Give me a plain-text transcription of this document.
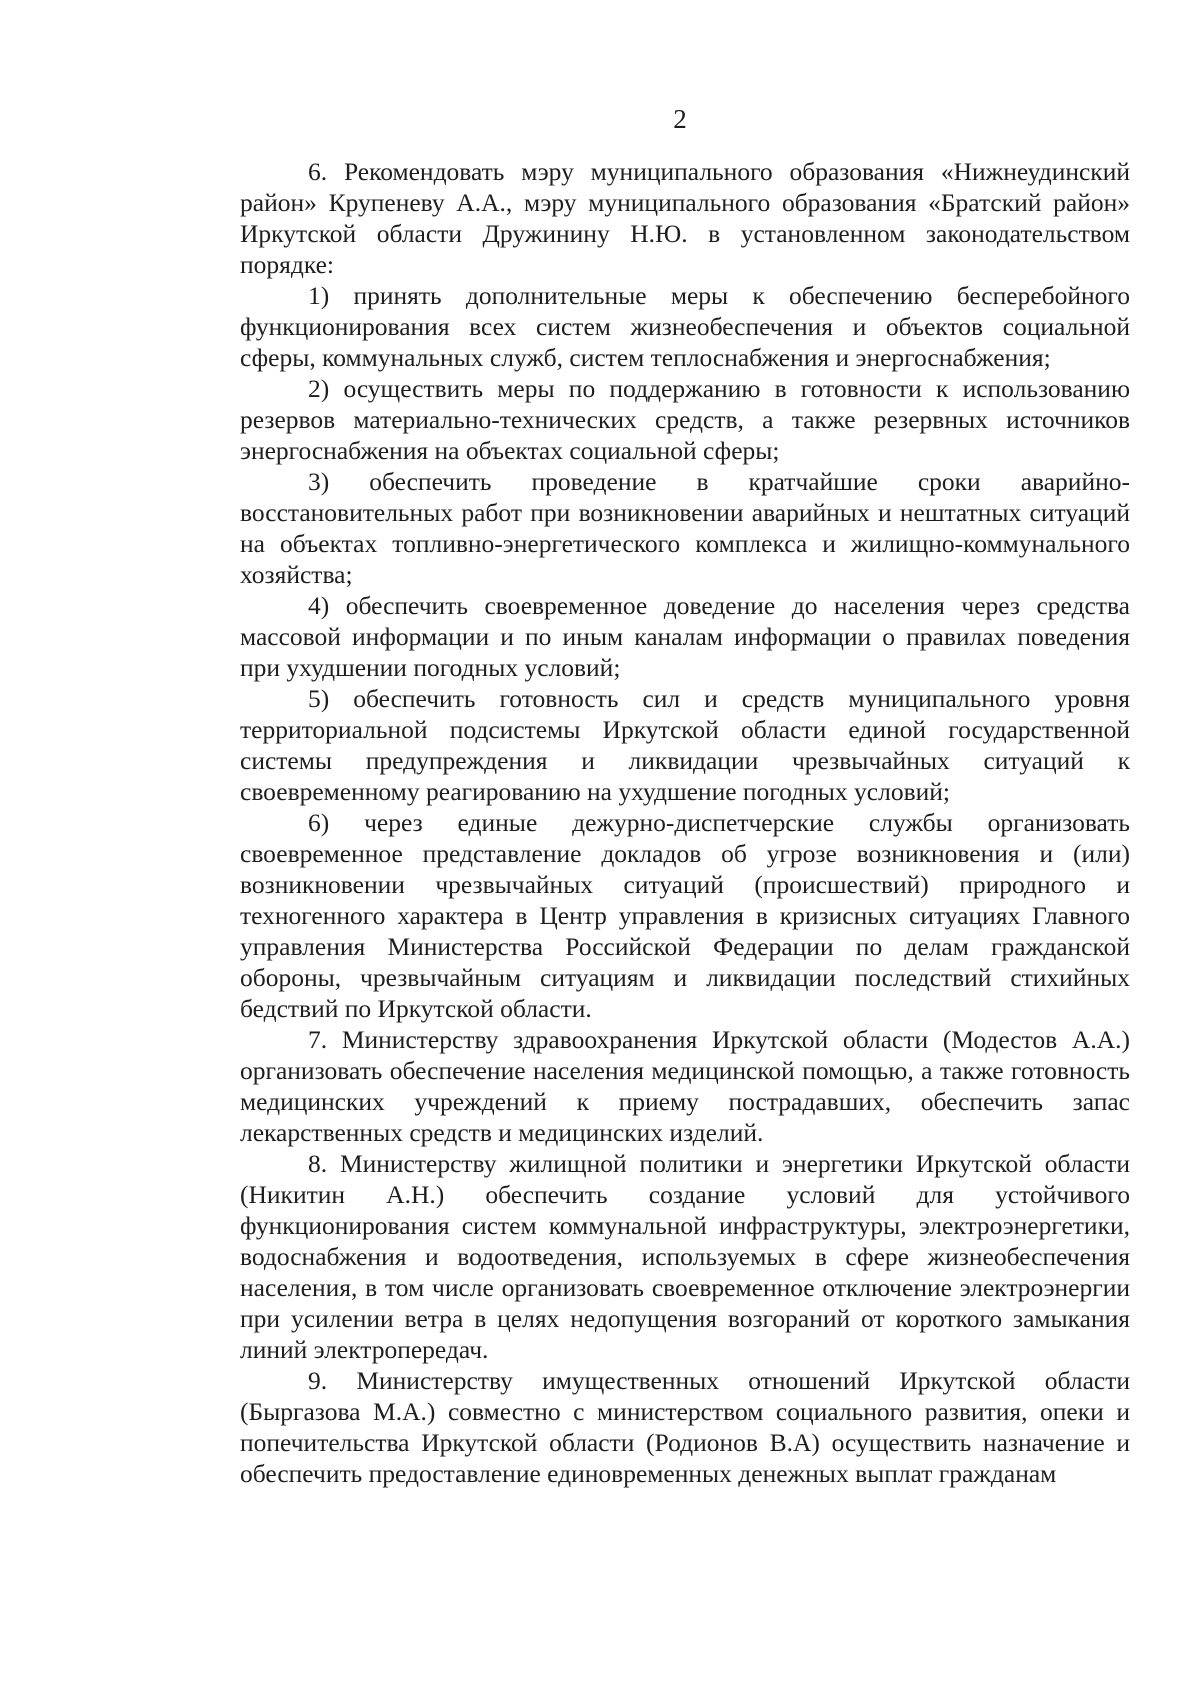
2

6. Рекомендовать мэру муниципального образования «Нижнеудинский район» Крупеневу А.А., мэру муниципального образования «Братский район» Иркутской области Дружинину Н.Ю. в установленном законодательством порядке:

1) принять дополнительные меры к обеспечению бесперебойного функционирования всех систем жизнеобеспечения и объектов социальной сферы, коммунальных служб, систем теплоснабжения и энергоснабжения;

2) осуществить меры по поддержанию в готовности к использованию резервов материально-технических средств, а также резервных источников энергоснабжения на объектах социальной сферы;

3) обеспечить проведение в кратчайшие сроки аварийно-восстановительных работ при возникновении аварийных и нештатных ситуаций на объектах топливно-энергетического комплекса и жилищно-коммунального хозяйства;

4) обеспечить своевременное доведение до населения через средства массовой информации и по иным каналам информации о правилах поведения при ухудшении погодных условий;

5) обеспечить готовность сил и средств муниципального уровня территориальной подсистемы Иркутской области единой государственной системы предупреждения и ликвидации чрезвычайных ситуаций к своевременному реагированию на ухудшение погодных условий;

6) через единые дежурно-диспетчерские службы организовать своевременное представление докладов об угрозе возникновения и (или) возникновении чрезвычайных ситуаций (происшествий) природного и техногенного характера в Центр управления в кризисных ситуациях Главного управления Министерства Российской Федерации по делам гражданской обороны, чрезвычайным ситуациям и ликвидации последствий стихийных бедствий по Иркутской области.

7. Министерству здравоохранения Иркутской области (Модестов А.А.) организовать обеспечение населения медицинской помощью, а также готовность медицинских учреждений к приему пострадавших, обеспечить запас лекарственных средств и медицинских изделий.

8. Министерству жилищной политики и энергетики Иркутской области (Никитин А.Н.) обеспечить создание условий для устойчивого функционирования систем коммунальной инфраструктуры, электроэнергетики, водоснабжения и водоотведения, используемых в сфере жизнеобеспечения населения, в том числе организовать своевременное отключение электроэнергии при усилении ветра в целях недопущения возгораний от короткого замыкания линий электропередач.

9. Министерству имущественных отношений Иркутской области (Быргазова М.А.) совместно с министерством социального развития, опеки и попечительства Иркутской области (Родионов В.А) осуществить назначение и обеспечить предоставление единовременных денежных выплат гражданам
